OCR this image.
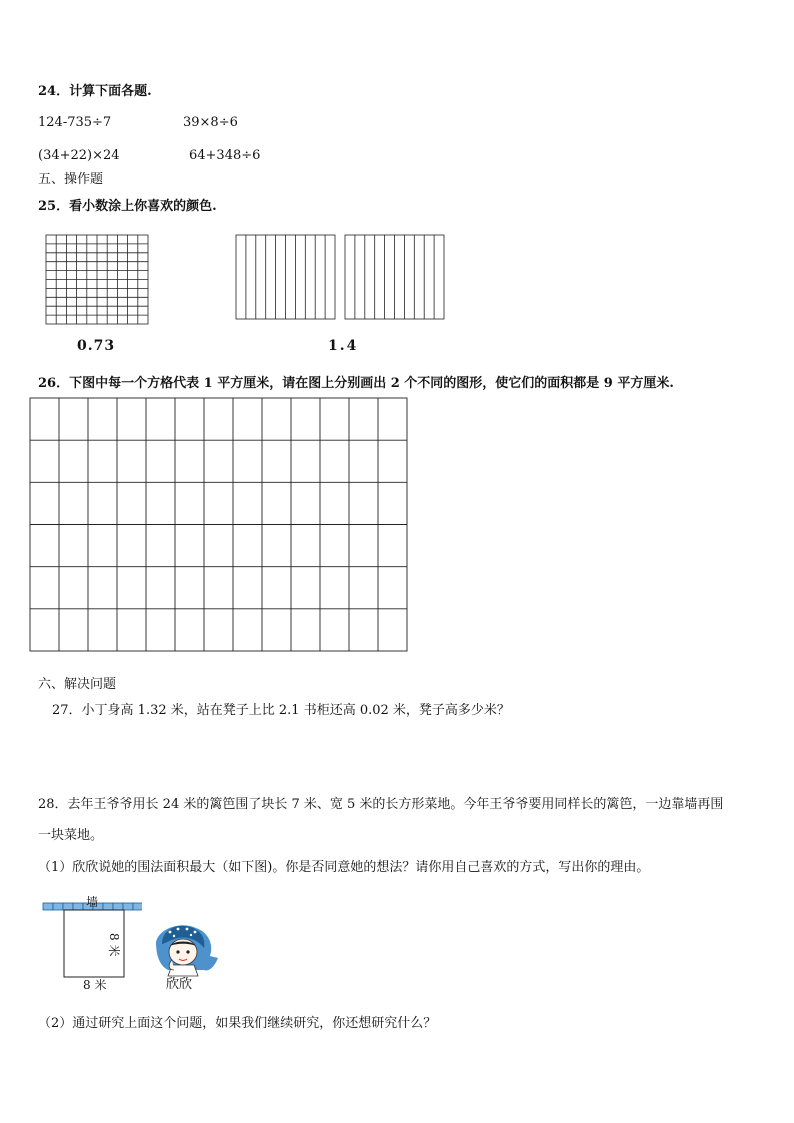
24．计算下面各题.
124-735÷7	39×8÷6
(34+22)×24	64+348÷6
五、操作题
25．看小数涂上你喜欢的颜色.
0.73	1.4
26．下图中每一个方格代表 1 平方厘米，请在图上分别画出 2 个不同的图形，使它们的面积都是 9 平方厘米.
六、解决问题
27．小丁身高 1.32 米，站在凳子上比 2.1 书柜还高 0.02 米，凳子高多少米？
28．去年王爷爷用长 24 米的篱笆围了块长 7 米、宽 5 米的长方形菜地。今年王爷爷要用同样长的篱笆，一边靠墙再围
一块菜地。
（1）欣欣说她的围法面积最大（如下图)。你是否同意她的想法？请你用自己喜欢的方式，写出你的理由。
墙
8 米
8 米	欣欣
（2）通过研究上面这个问题，如果我们继续研究，你还想研究什么？
